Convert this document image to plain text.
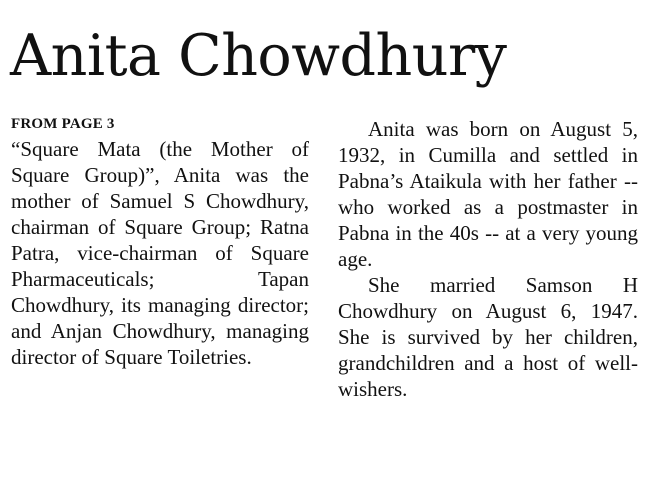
Anita Chowdhury
FROM PAGE 3

“Square Mata (the Mother of Square Group)”, Anita was the mother of Samuel S Chowdhury, chairman of Square Group; Ratna Patra, vice-chairman of Square Pharmaceuticals; Tapan Chowdhury, its managing director; and Anjan Chowdhury, managing director of Square Toiletries.

Anita was born on August 5, 1932, in Cumilla and settled in Pabna’s Ataikula with her father -- who worked as a postmaster in Pabna in the 40s -- at a very young age.

She married Samson H Chowdhury on August 6, 1947. She is survived by her children, grandchildren and a host of well-wishers.
